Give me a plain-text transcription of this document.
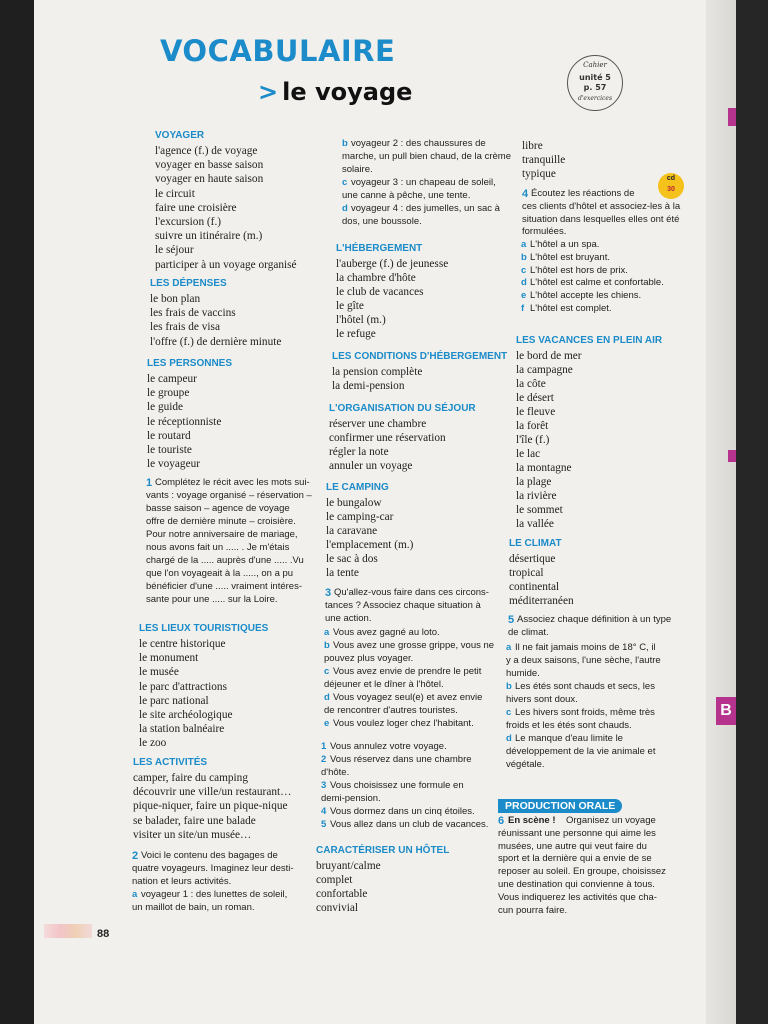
B
VOCABULAIRE
> le voyage
Cahier
unité 5
p. 57
d'exercices
cd
30
VOYAGER
l'agence (f.) de voyage
voyager en basse saison
voyager en haute saison
le circuit
faire une croisière
l'excursion (f.)
suivre un itinéraire (m.)
le séjour
participer à un voyage organisé
LES DÉPENSES
le bon plan
les frais de vaccins
les frais de visa
l'offre (f.) de dernière minute
LES PERSONNES
le campeur
le groupe
le guide
le réceptionniste
le routard
le touriste
le voyageur
1 Complétez le récit avec les mots sui-
vants : voyage organisé – réservation –
basse saison – agence de voyage
offre de dernière minute – croisière.
Pour notre anniversaire de mariage,
nous avons fait un ..... . Je m'étais
chargé de la ..... auprès d'une ..... .Vu
que l'on voyageait à la ....., on a pu
bénéficier d'une ..... vraiment intéres-
sante pour une ..... sur la Loire.
LES LIEUX TOURISTIQUES
le centre historique
le monument
le musée
le parc d'attractions
le parc national
le site archéologique
la station balnéaire
le zoo
LES ACTIVITÉS
camper, faire du camping
découvrir une ville/un restaurant…
pique-niquer, faire un pique-nique
se balader, faire une balade
visiter un site/un musée…
2 Voici le contenu des bagages de
quatre voyageurs. Imaginez leur desti-
nation et leurs activités.
a voyageur 1 : des lunettes de soleil,
un maillot de bain, un roman.
b voyageur 2 : des chaussures de
marche, un pull bien chaud, de la crème
solaire.
c voyageur 3 : un chapeau de soleil,
une canne à pêche, une tente.
d voyageur 4 : des jumelles, un sac à
dos, une boussole.
L'HÉBERGEMENT
l'auberge (f.) de jeunesse
la chambre d'hôte
le club de vacances
le gîte
l'hôtel (m.)
le refuge
LES CONDITIONS D'HÉBERGEMENT
la pension complète
la demi-pension
L'ORGANISATION DU SÉJOUR
réserver une chambre
confirmer une réservation
régler la note
annuler un voyage
LE CAMPING
le bungalow
le camping-car
la caravane
l'emplacement (m.)
le sac à dos
la tente
3 Qu'allez-vous faire dans ces circons-
tances ? Associez chaque situation à
une action.
a Vous avez gagné au loto.
b Vous avez une grosse grippe, vous ne
pouvez plus voyager.
c Vous avez envie de prendre le petit
déjeuner et le dîner à l'hôtel.
d Vous voyagez seul(e) et avez envie
de rencontrer d'autres touristes.
e Vous voulez loger chez l'habitant.
1 Vous annulez votre voyage.
2 Vous réservez dans une chambre
d'hôte.
3 Vous choisissez une formule en
demi-pension.
4 Vous dormez dans un cinq étoiles.
5 Vous allez dans un club de vacances.
CARACTÉRISER UN HÔTEL
bruyant/calme
complet
confortable
convivial
libre
tranquille
typique
4 Écoutez les réactions de
ces clients d'hôtel et associez-les à la
situation dans lesquelles elles ont été
formulées.
a L'hôtel a un spa.
b L'hôtel est bruyant.
c L'hôtel est hors de prix.
d L'hôtel est calme et confortable.
e L'hôtel accepte les chiens.
f L'hôtel est complet.
LES VACANCES EN PLEIN AIR
le bord de mer
la campagne
la côte
le désert
le fleuve
la forêt
l'île (f.)
le lac
la montagne
la plage
la rivière
le sommet
la vallée
LE CLIMAT
désertique
tropical
continental
méditerranéen
5 Associez chaque définition à un type
de climat.
a Il ne fait jamais moins de 18° C, il
y a deux saisons, l'une sèche, l'autre
humide.
b Les étés sont chauds et secs, les
hivers sont doux.
c Les hivers sont froids, même très
froids et les étés sont chauds.
d Le manque d'eau limite le
développement de la vie animale et
végétale.
PRODUCTION ORALE
6 En scène ! Organisez un voyage
réunissant une personne qui aime les
musées, une autre qui veut faire du
sport et la dernière qui a envie de se
reposer au soleil. En groupe, choisissez
une destination qui convienne à tous.
Vous indiquerez les activités que cha-
cun pourra faire.
88
